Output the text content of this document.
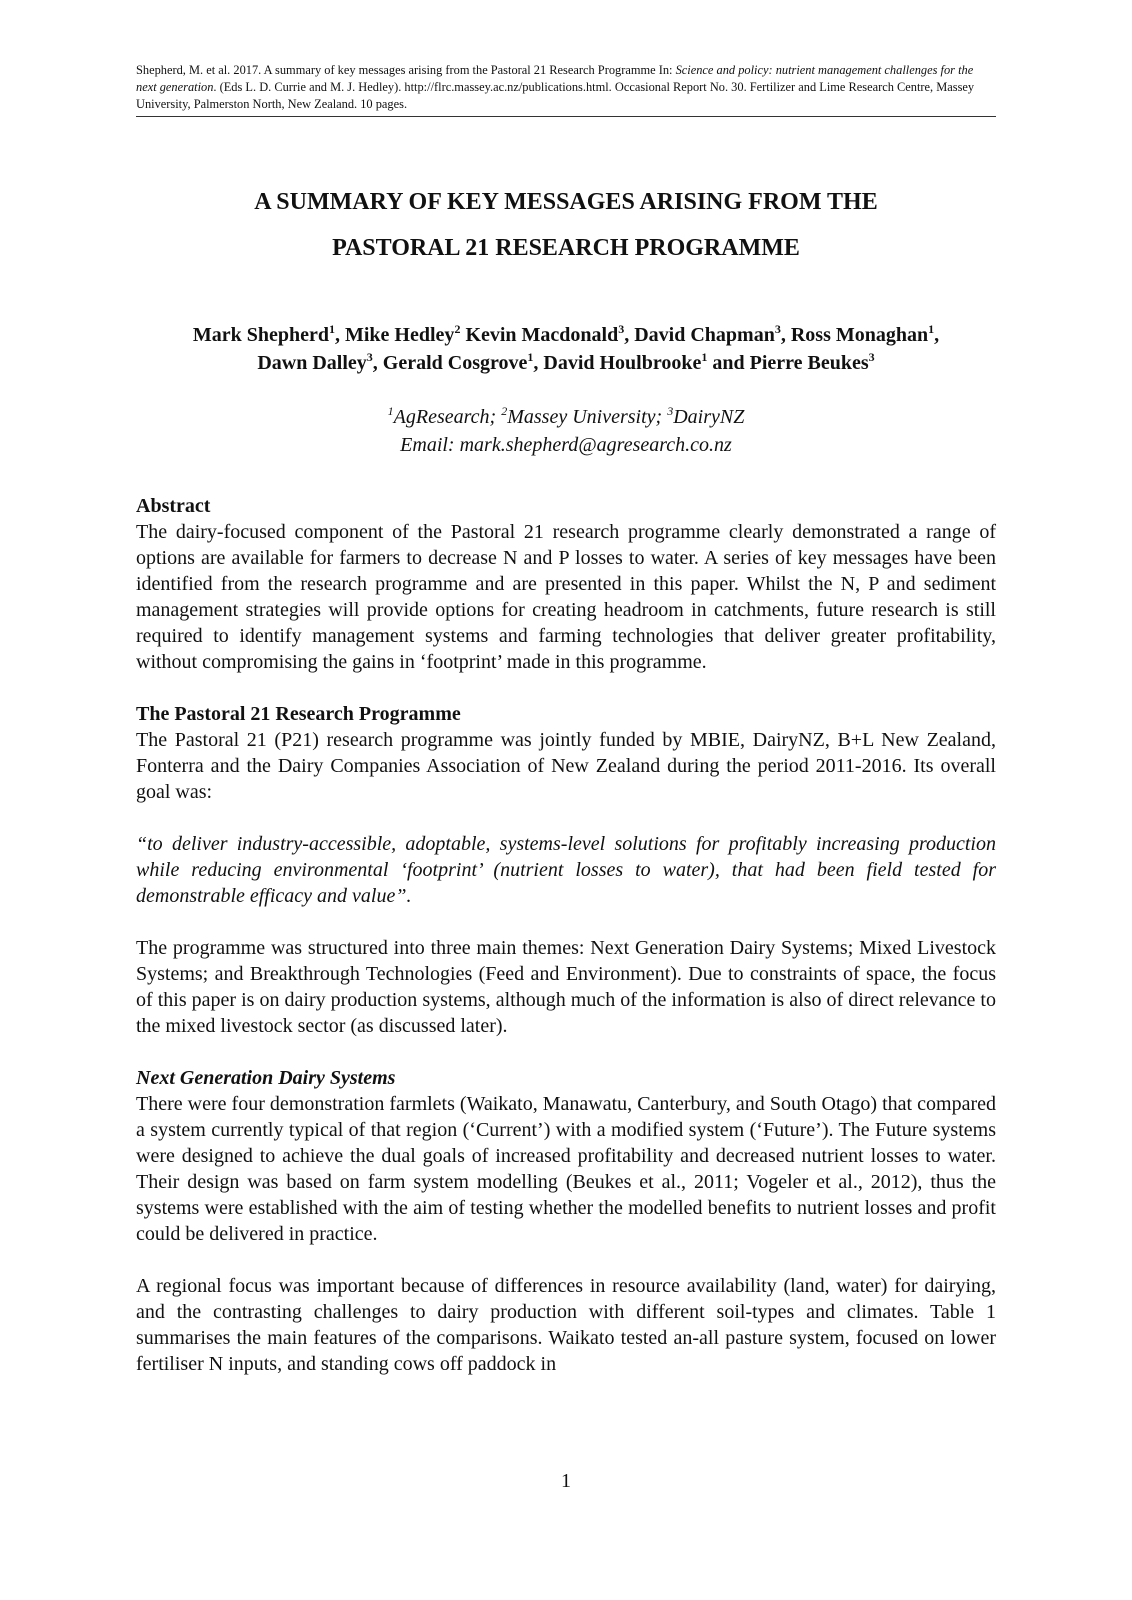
Shepherd, M. et al. 2017. A summary of key messages arising from the Pastoral 21 Research Programme In: Science and policy: nutrient management challenges for the next generation. (Eds L. D. Currie and M. J. Hedley). http://flrc.massey.ac.nz/publications.html. Occasional Report No. 30. Fertilizer and Lime Research Centre, Massey University, Palmerston North, New Zealand. 10 pages.
A SUMMARY OF KEY MESSAGES ARISING FROM THE
PASTORAL 21 RESEARCH PROGRAMME
Mark Shepherd$^1$, Mike Hedley$^2$ Kevin Macdonald$^3$, David Chapman$^3$, Ross Monaghan$^1$,
Dawn Dalley$^3$, Gerald Cosgrove$^1$, David Houlbrooke$^1$ and Pierre Beukes$^3$
$^1$AgResearch; $^2$Massey University; $^3$DairyNZ
Email: mark.shepherd@agresearch.co.nz
Abstract

The dairy-focused component of the Pastoral 21 research programme clearly demonstrated a range of options are available for farmers to decrease N and P losses to water. A series of key messages have been identified from the research programme and are presented in this paper. Whilst the N, P and sediment management strategies will provide options for creating headroom in catchments, future research is still required to identify management systems and farming technologies that deliver greater profitability, without compromising the gains in ‘footprint’ made in this programme.

The Pastoral 21 Research Programme

The Pastoral 21 (P21) research programme was jointly funded by MBIE, DairyNZ, B+L New Zealand, Fonterra and the Dairy Companies Association of New Zealand during the period 2011-2016. Its overall goal was:

“to deliver industry-accessible, adoptable, systems-level solutions for profitably increasing production while reducing environmental ‘footprint’ (nutrient losses to water), that had been field tested for demonstrable efficacy and value”.

The programme was structured into three main themes: Next Generation Dairy Systems; Mixed Livestock Systems; and Breakthrough Technologies (Feed and Environment). Due to constraints of space, the focus of this paper is on dairy production systems, although much of the information is also of direct relevance to the mixed livestock sector (as discussed later).

Next Generation Dairy Systems

There were four demonstration farmlets (Waikato, Manawatu, Canterbury, and South Otago) that compared a system currently typical of that region (‘Current’) with a modified system (‘Future’). The Future systems were designed to achieve the dual goals of increased profitability and decreased nutrient losses to water. Their design was based on farm system modelling (Beukes et al., 2011; Vogeler et al., 2012), thus the systems were established with the aim of testing whether the modelled benefits to nutrient losses and profit could be delivered in practice.

A regional focus was important because of differences in resource availability (land, water) for dairying, and the contrasting challenges to dairy production with different soil-types and climates. Table 1 summarises the main features of the comparisons. Waikato tested an-all pasture system, focused on lower fertiliser N inputs, and standing cows off paddock in

1
